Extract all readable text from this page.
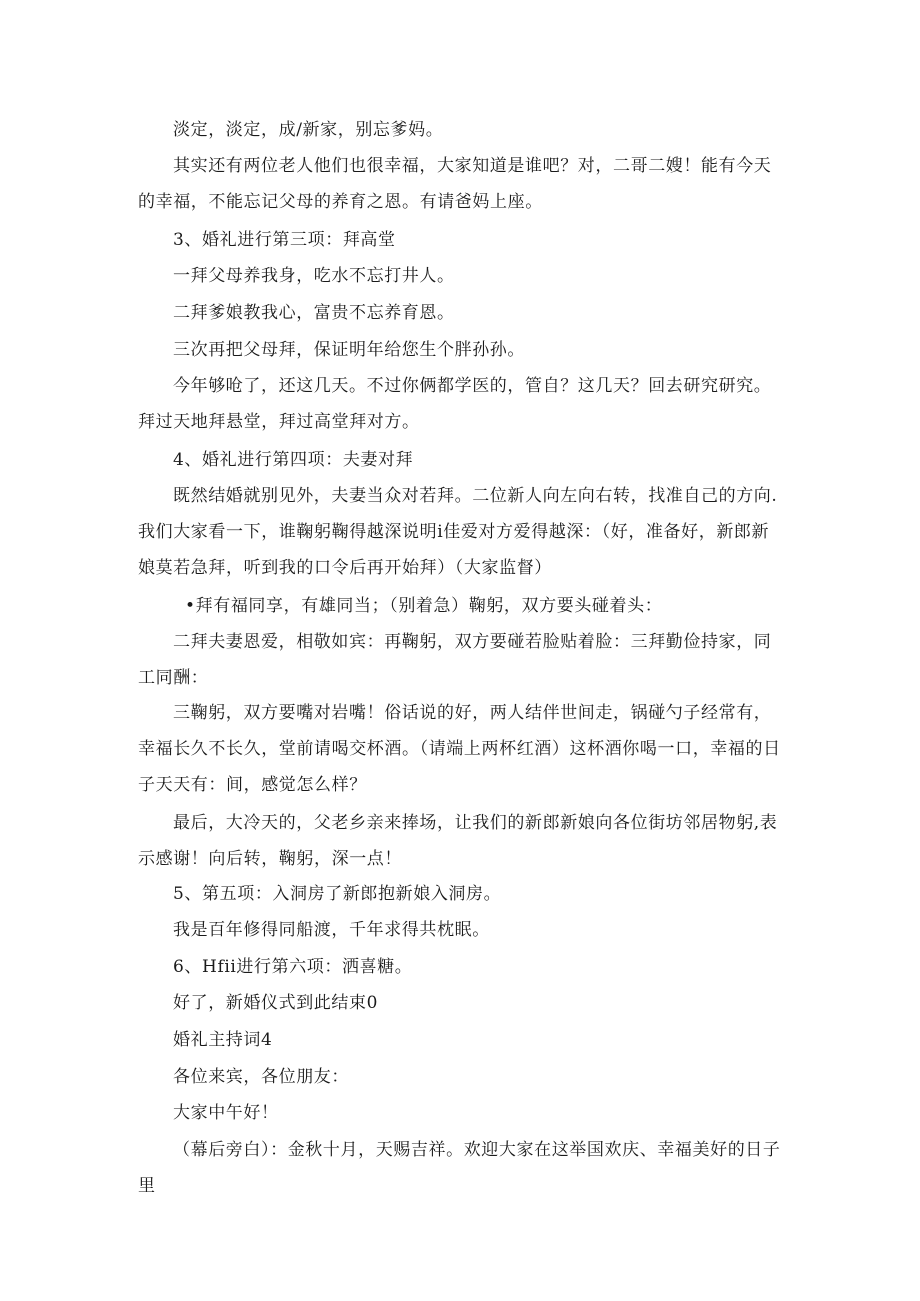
淡定，淡定，成/新家，别忘爹妈。

其实还有两位老人他们也很幸福，大家知道是谁吧？对，二哥二嫂！能有今天的幸福，不能忘记父母的养育之恩。有请爸妈上座。

3、婚礼进行第三项：拜高堂

一拜父母养我身，吃水不忘打井人。

二拜爹娘教我心，富贵不忘养育恩。

三次再把父母拜，保证明年给您生个胖孙孙。

今年够呛了，还这几天。不过你俩都学医的，管自？这几天？回去研究研究。拜过天地拜悬堂，拜过高堂拜对方。

4、婚礼进行第四项：夫妻对拜

既然结婚就别见外，夫妻当众对若拜。二位新人向左向右转，找准自己的方向.我们大家看一下，谁鞠躬鞠得越深说明i佳爱对方爱得越深：（好，准备好，新郎新娘莫若急拜，听到我的口令后再开始拜）（大家监督）

•拜有福同享，有雄同当；（别着急）鞠躬，双方要头碰着头：

二拜夫妻恩爱，相敬如宾：再鞠躬，双方要碰若脸贴着脸：三拜勤俭持家，同工同酬：

三鞠躬，双方要嘴对岩嘴！俗话说的好，两人结伴世间走，锅碰勺子经常有，幸福长久不长久，堂前请喝交杯酒。（请端上两杯红酒）这杯酒你喝一口，幸福的日子天天有：间，感觉怎么样？

最后，大冷天的，父老乡亲来捧场，让我们的新郎新娘向各位街坊邻居物躬,表示感谢！向后转，鞠躬，深一点！

5、第五项：入洞房了新郎抱新娘入洞房。

我是百年修得同船渡，千年求得共枕眠。

6、Hfii进行第六项：洒喜糖。

好了，新婚仪式到此结束0

婚礼主持词4

各位来宾，各位朋友：

大家中午好！

（幕后旁白）：金秋十月，天赐吉祥。欢迎大家在这举国欢庆、幸福美好的日子里
